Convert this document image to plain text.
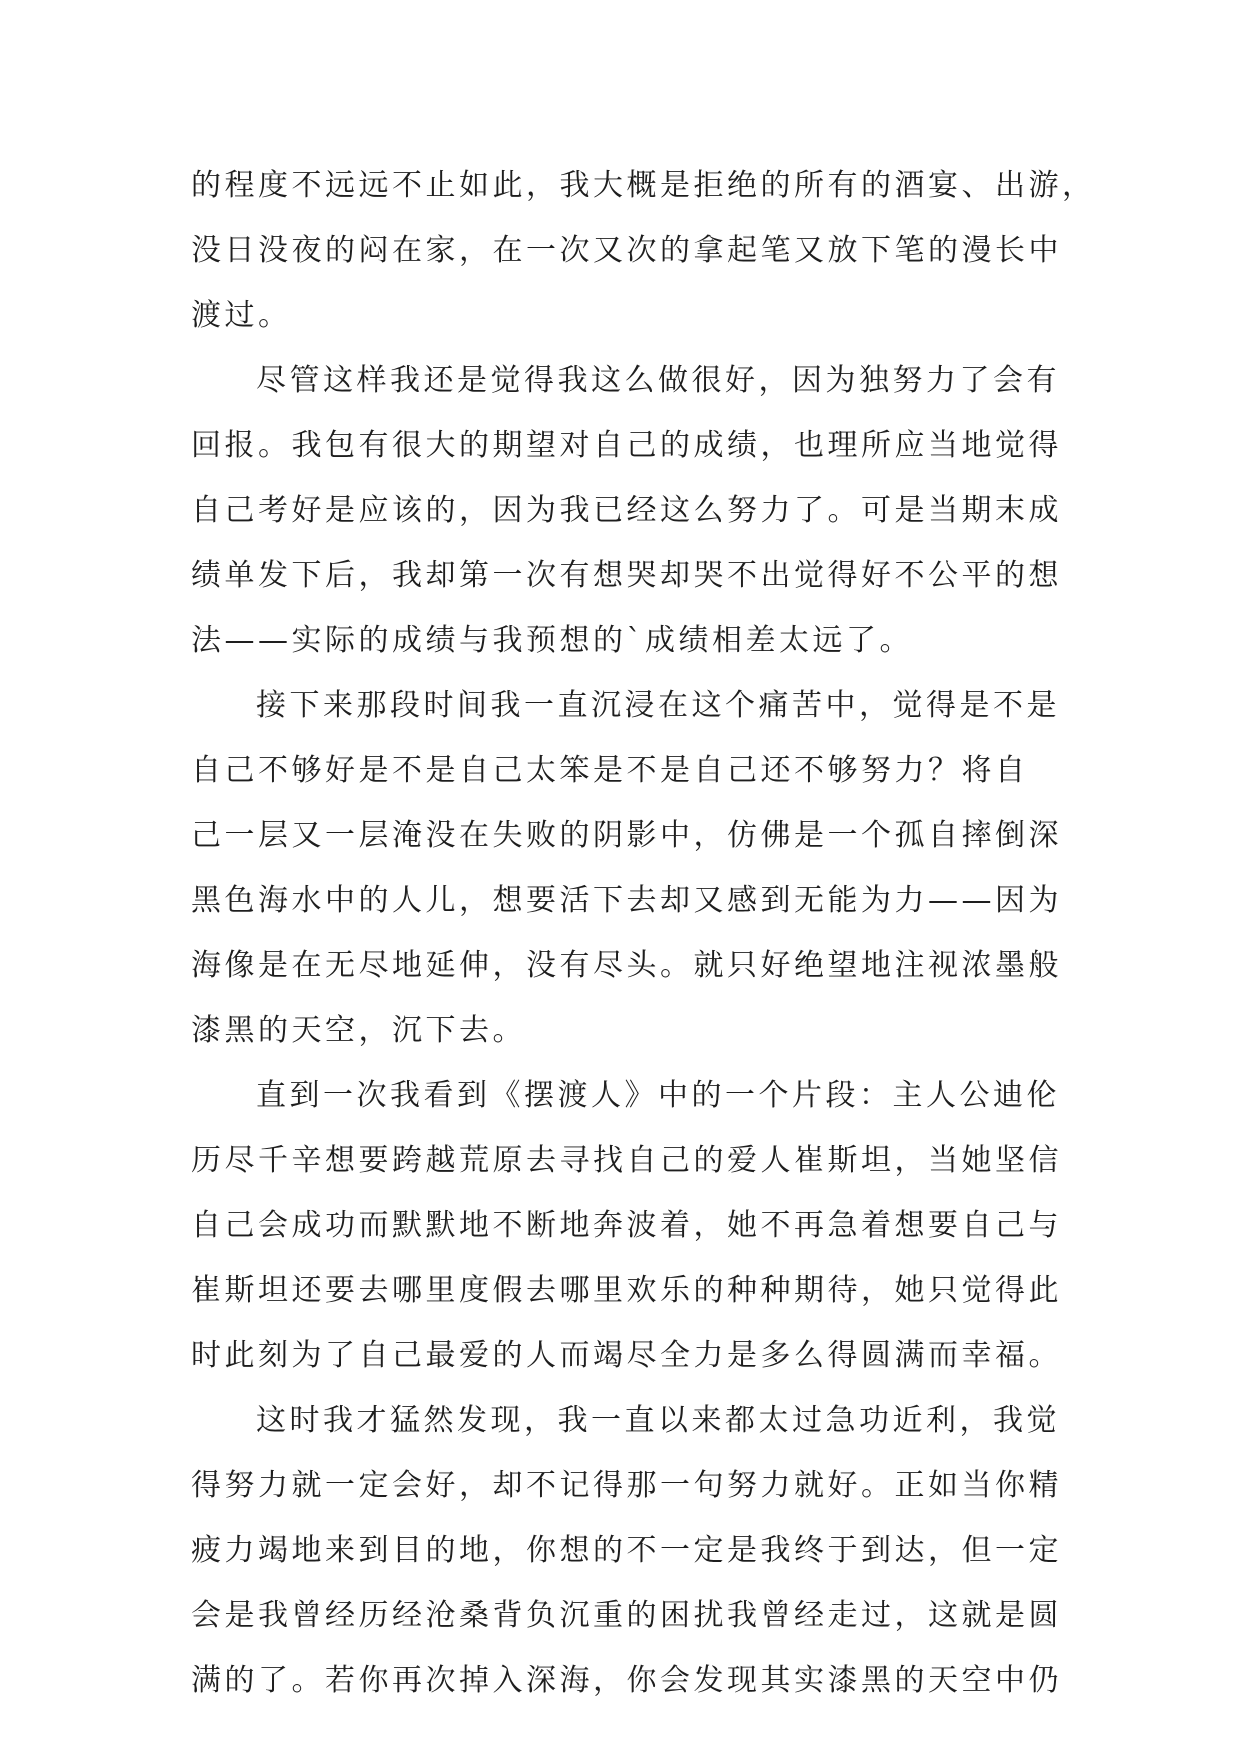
的程度不远远不止如此，我大概是拒绝的所有的酒宴、出游，
没日没夜的闷在家，在一次又次的拿起笔又放下笔的漫长中
渡过。

尽管这样我还是觉得我这么做很好，因为独努力了会有
回报。我包有很大的期望对自己的成绩，也理所应当地觉得
自己考好是应该的，因为我已经这么努力了。可是当期末成
绩单发下后，我却第一次有想哭却哭不出觉得好不公平的想
法——实际的成绩与我预想的`成绩相差太远了。

接下来那段时间我一直沉浸在这个痛苦中，觉得是不是
自己不够好是不是自己太笨是不是自己还不够努力？将自
己一层又一层淹没在失败的阴影中，仿佛是一个孤自摔倒深
黑色海水中的人儿，想要活下去却又感到无能为力——因为
海像是在无尽地延伸，没有尽头。就只好绝望地注视浓墨般
漆黑的天空，沉下去。

直到一次我看到《摆渡人》中的一个片段：主人公迪伦
历尽千辛想要跨越荒原去寻找自己的爱人崔斯坦，当她坚信
自己会成功而默默地不断地奔波着，她不再急着想要自己与
崔斯坦还要去哪里度假去哪里欢乐的种种期待，她只觉得此
时此刻为了自己最爱的人而竭尽全力是多么得圆满而幸福。

这时我才猛然发现，我一直以来都太过急功近利，我觉
得努力就一定会好，却不记得那一句努力就好。正如当你精
疲力竭地来到目的地，你想的不一定是我终于到达，但一定
会是我曾经历经沧桑背负沉重的困扰我曾经走过，这就是圆
满的了。若你再次掉入深海，你会发现其实漆黑的天空中仍
